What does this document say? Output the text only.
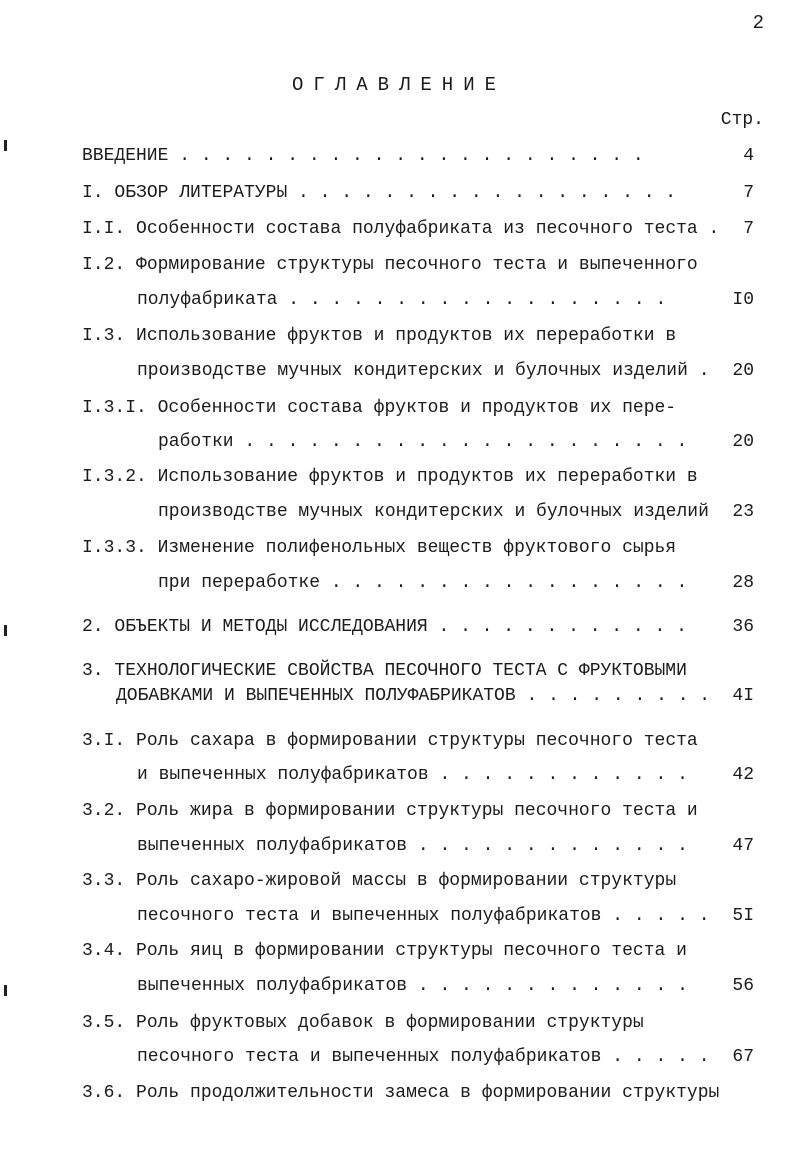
2
ОГЛАВЛЕНИЕ
Стр.
ВВЕДЕНИЕ . . . . . . . . . . . . . . . . . . . . . .	4
I. ОБЗОР ЛИТЕРАТУРЫ . . . . . . . . . . . . . . . . . .	7
I.I. Особенности состава полуфабриката из песочного теста . 7
I.2. Формирование структуры песочного теста и выпеченного
полуфабриката . . . . . . . . . . . . . . . . . .	I0
I.3. Использование фруктов и продуктов их переработки в
производстве мучных кондитерских и булочных изделий . 20
I.3.I. Особенности состава фруктов и продуктов их пере-
работки . . . . . . . . . . . . . . . . . . . . .	20
I.3.2. Использование фруктов и продуктов их переработки в
производстве мучных кондитерских и булочных изделий 23
I.3.3. Изменение полифенольных веществ фруктового сырья
при переработке . . . . . . . . . . . . . . . . .	28
2. ОБЪЕКТЫ И МЕТОДЫ ИССЛЕДОВАНИЯ . . . . . . . . . . . .	36
3. ТЕХНОЛОГИЧЕСКИЕ СВОЙСТВА ПЕСОЧНОГО ТЕСТА С ФРУКТОВЫМИ
ДОБАВКАМИ И ВЫПЕЧЕННЫХ ПОЛУФАБРИКАТОВ . . . . . . . . . 4I
3.I. Роль сахара в формировании структуры песочного теста
и выпеченных полуфабрикатов . . . . . . . . . . . . 42
3.2. Роль жира в формировании структуры песочного теста и
выпеченных полуфабрикатов . . . . . . . . . . . . . 47
3.3. Роль сахаро-жировой массы в формировании структуры
песочного теста и выпеченных полуфабрикатов . . . . . 5I
3.4. Роль яиц в формировании структуры песочного теста и
выпеченных полуфабрикатов . . . . . . . . . . . . . 56
3.5. Роль фруктовых добавок в формировании структуры
песочного теста и выпеченных полуфабрикатов . . . . . 67
3.6. Роль продолжительности замеса в формировании структуры
